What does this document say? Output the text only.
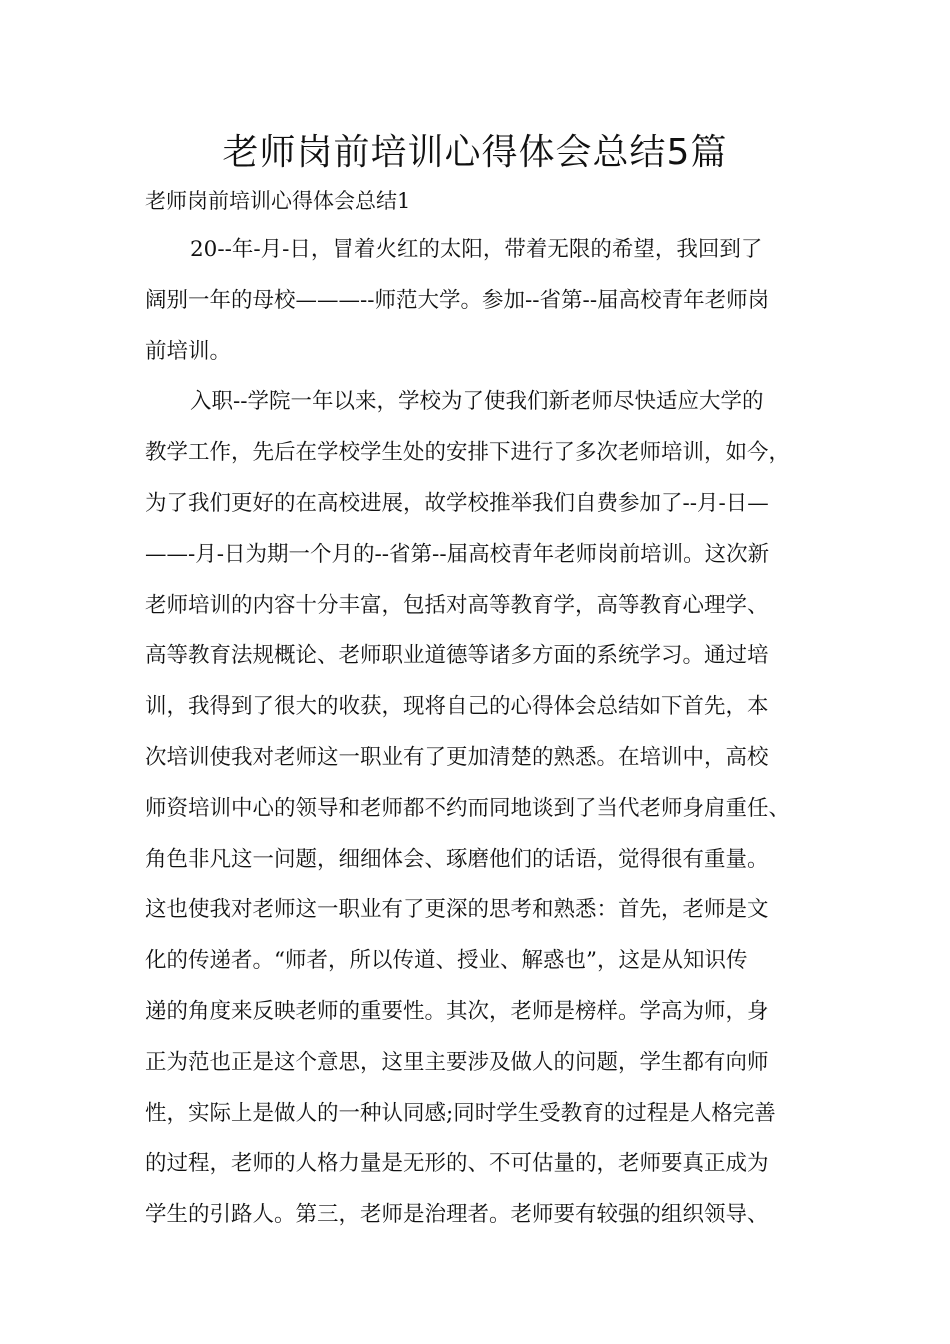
老师岗前培训心得体会总结5篇
老师岗前培训心得体会总结1
20--年-月-日，冒着火红的太阳，带着无限的希望，我回到了
阔别一年的母校———--师范大学。参加--省第--届高校青年老师岗
前培训。
入职--学院一年以来，学校为了使我们新老师尽快适应大学的
教学工作，先后在学校学生处的安排下进行了多次老师培训，如今，
为了我们更好的在高校进展，故学校推举我们自费参加了--月-日—
——-月-日为期一个月的--省第--届高校青年老师岗前培训。这次新
老师培训的内容十分丰富，包括对高等教育学，高等教育心理学、
高等教育法规概论、老师职业道德等诸多方面的系统学习。通过培
训，我得到了很大的收获，现将自己的心得体会总结如下首先，本
次培训使我对老师这一职业有了更加清楚的熟悉。在培训中，高校
师资培训中心的领导和老师都不约而同地谈到了当代老师身肩重任、
角色非凡这一问题，细细体会、琢磨他们的话语，觉得很有重量。
这也使我对老师这一职业有了更深的思考和熟悉：首先，老师是文
化的传递者。“师者，所以传道、授业、解惑也”，这是从知识传
递的角度来反映老师的重要性。其次，老师是榜样。学高为师，身
正为范也正是这个意思，这里主要涉及做人的问题，学生都有向师
性，实际上是做人的一种认同感;同时学生受教育的过程是人格完善
的过程，老师的人格力量是无形的、不可估量的，老师要真正成为
学生的引路人。第三，老师是治理者。老师要有较强的组织领导、
